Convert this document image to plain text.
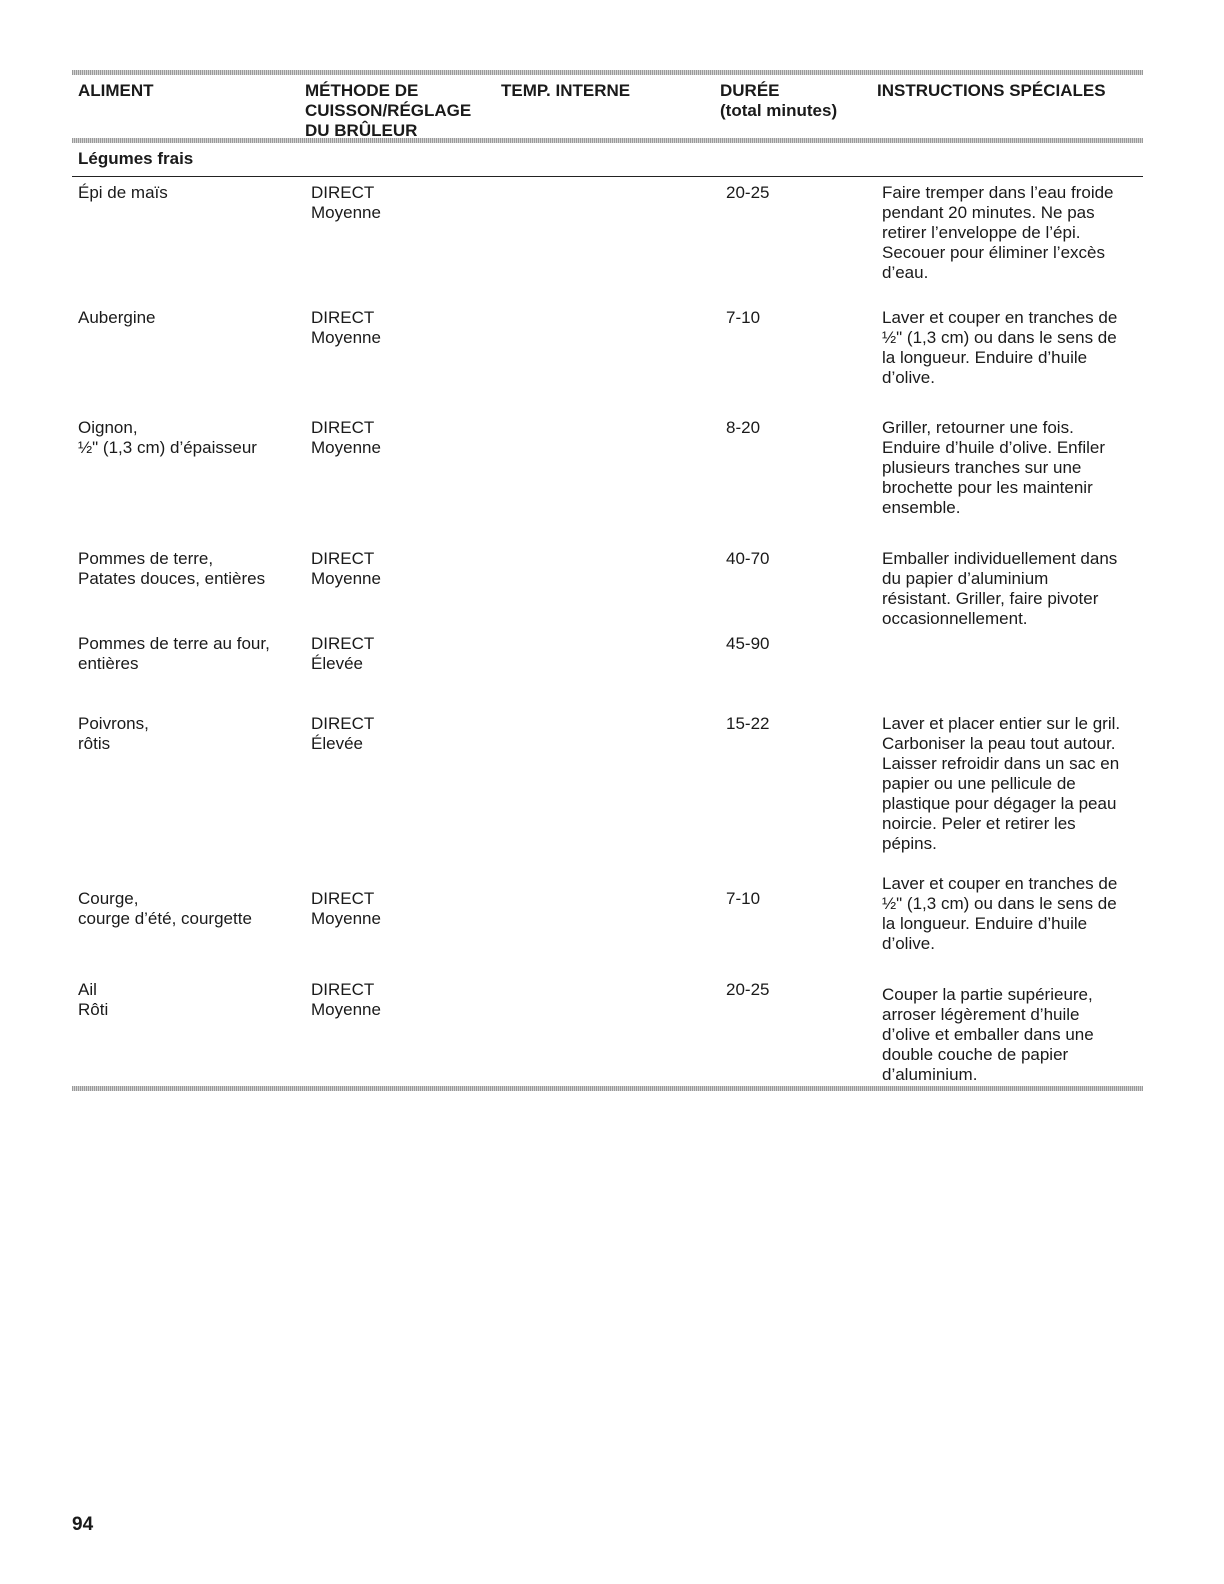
ALIMENT	MÉTHODE DE
CUISSON/RÉGLAGE
DU BRÛLEUR
TEMP. INTERNE	DURÉE
(total minutes)
INSTRUCTIONS SPÉCIALES
Légumes frais
Épi de maïs	DIRECT
Moyenne
20-25	Faire tremper dans l’eau froide
pendant 20 minutes. Ne pas
retirer l’enveloppe de l’épi.
Secouer pour éliminer l’excès
d’eau.
Aubergine	DIRECT
Moyenne
7-10	Laver et couper en tranches de
½" (1,3 cm) ou dans le sens de
la longueur. Enduire d’huile
d’olive.
Oignon,
½" (1,3 cm) d’épaisseur
DIRECT
Moyenne
8-20	Griller, retourner une fois.
Enduire d’huile d’olive. Enfiler
plusieurs tranches sur une
brochette pour les maintenir
ensemble.
Pommes de terre,
Patates douces, entières
DIRECT
Moyenne
40-70	Emballer individuellement dans
du papier d’aluminium
résistant. Griller, faire pivoter
occasionnellement.
Pommes de terre au four,
entières
DIRECT
Élevée
45-90
Poivrons,
rôtis
DIRECT
Élevée
15-22	Laver et placer entier sur le gril.
Carboniser la peau tout autour.
Laisser refroidir dans un sac en
papier ou une pellicule de
plastique pour dégager la peau
noircie. Peler et retirer les
pépins.
Courge,
courge d’été, courgette
DIRECT
Moyenne
7-10
Laver et couper en tranches de
½" (1,3 cm) ou dans le sens de
la longueur. Enduire d’huile
d’olive.
Ail
Rôti
DIRECT
Moyenne
20-25	Couper la partie supérieure,
arroser légèrement d’huile
d’olive et emballer dans une
double couche de papier
d’aluminium.
94
